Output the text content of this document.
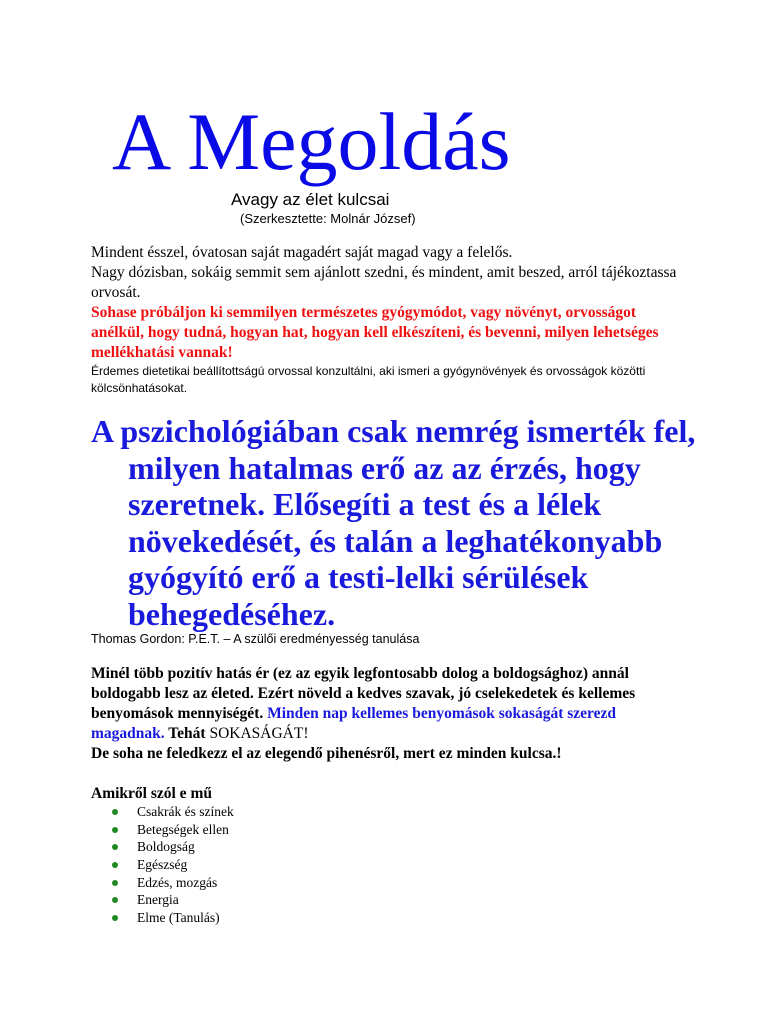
A Megoldás
Avagy az élet kulcsai
(Szerkesztette: Molnár József)
Mindent ésszel, óvatosan saját magadért saját magad vagy a felelős.
Nagy dózisban, sokáig semmit sem ajánlott szedni, és mindent, amit beszed, arról tájékoztassa orvosát.
Sohase próbáljon ki semmilyen természetes gyógymódot, vagy növényt, orvosságot anélkül, hogy tudná, hogyan hat, hogyan kell elkészíteni, és bevenni, milyen lehetséges mellékhatási vannak!
Érdemes dietetikai beállítottságú orvossal konzultálni, aki ismeri a gyógynövények és orvosságok közötti kölcsönhatásokat.
A pszichológiában csak nemrég ismerték fel, milyen hatalmas erő az az érzés, hogy szeretnek. Elősegíti a test és a lélek növekedését, és talán a leghatékonyabb gyógyító erő a testi-lelki sérülések behegedéséhez.
Thomas Gordon: P.E.T. – A szülői eredményesség tanulása
Minél több pozitív hatás ér (ez az egyik legfontosabb dolog a boldogsághoz) annál boldogabb lesz az életed. Ezért növeld a kedves szavak, jó cselekedetek és kellemes benyomások mennyiségét. Minden nap kellemes benyomások sokaságát szerezd magadnak. Tehát SOKASÁGÁT!
De soha ne feledkezz el az elegendő pihenésről, mert ez minden kulcsa.!
Amikről szól e mű
Csakrák és színek
Betegségek ellen
Boldogság
Egészség
Edzés, mozgás
Energia
Elme (Tanulás)
